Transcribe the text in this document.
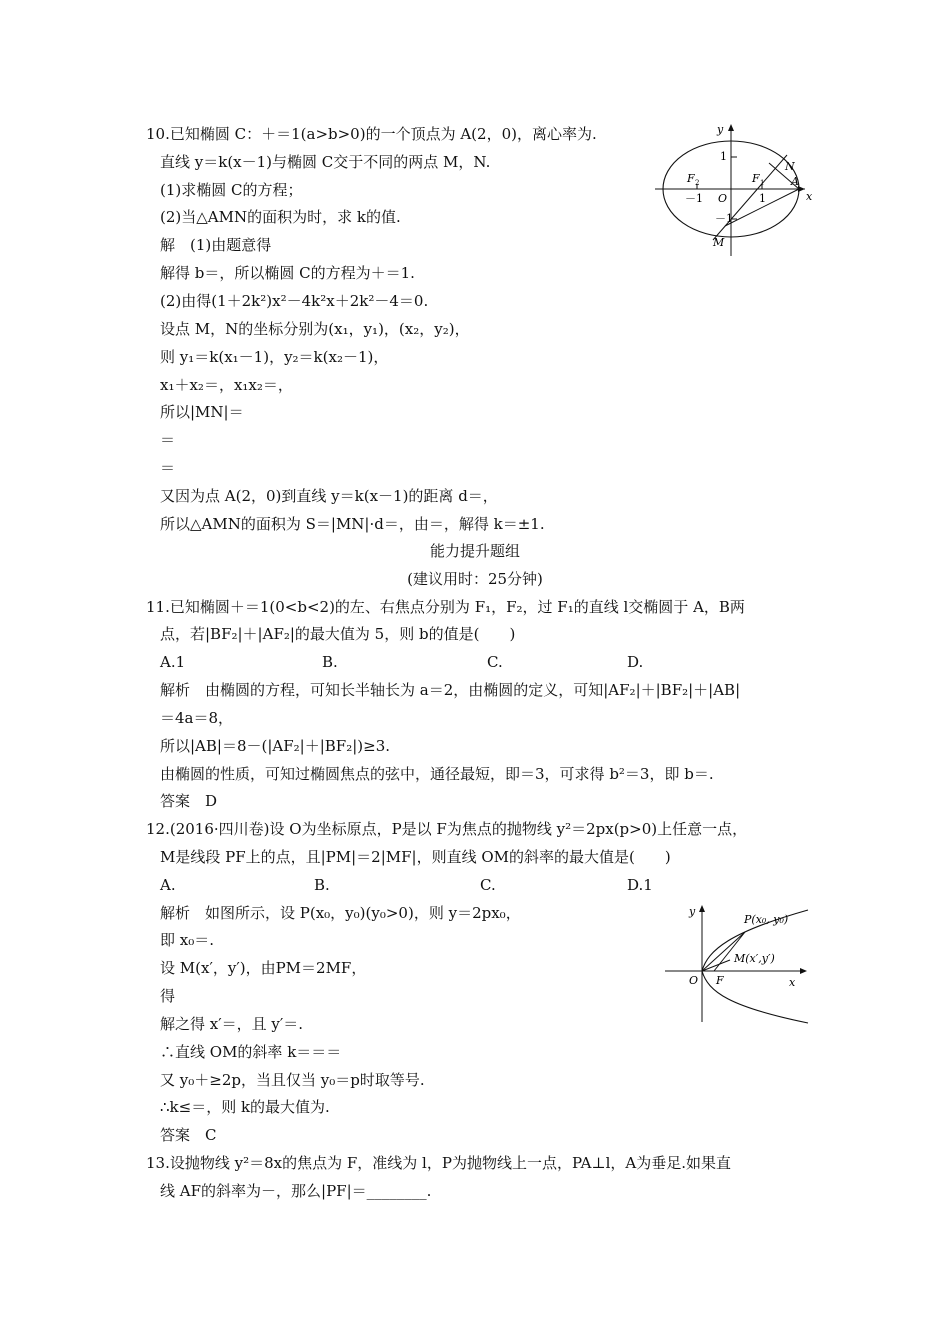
10.已知椭圆 C：＋＝1(a>b>0)的一个顶点为 A(2，0)，离心率为.
直线 y＝k(x－1)与椭圆 C交于不同的两点 M，N.
(1)求椭圆 C的方程；
(2)当△AMN的面积为时，求 k的值.
解　(1)由题意得
解得 b＝，所以椭圆 C的方程为＋＝1.
(2)由得(1＋2k²)x²－4k²x＋2k²－4＝0.
设点 M，N的坐标分别为(x₁，y₁)，(x₂，y₂)，
则 y₁＝k(x₁－1)，y₂＝k(x₂－1)，
x₁＋x₂＝，x₁x₂＝，
所以|MN|＝
＝
＝
又因为点 A(2，0)到直线 y＝k(x－1)的距离 d＝，
所以△AMN的面积为 S＝|MN|·d＝，由＝，解得 k＝±1.
y
x
1
－1
－1
1
O
F 2	F 1
N
A
M
能力提升题组
(建议用时：25分钟)
11.已知椭圆＋＝1(0<b<2)的左、右焦点分别为 F₁，F₂，过 F₁的直线 l交椭圆于 A，B两
点，若|BF₂|＋|AF₂|的最大值为 5，则 b的值是(　　)
A.1	B.	C.	D.
解析　由椭圆的方程，可知长半轴长为 a＝2，由椭圆的定义，可知|AF₂|＋|BF₂|＋|AB|
＝4a＝8，
所以|AB|＝8－(|AF₂|＋|BF₂|)≥3.
由椭圆的性质，可知过椭圆焦点的弦中，通径最短，即＝3，可求得 b²＝3，即 b＝.
答案　D
12.(2016·四川卷)设 O为坐标原点，P是以 F为焦点的抛物线 y²＝2px(p>0)上任意一点，
M是线段 PF上的点，且|PM|＝2|MF|，则直线 OM的斜率的最大值是(　　)
A.	B.	C.	D.1
解析　如图所示，设 P(x₀，y₀)(y₀>0)，则 y＝2px₀，
即 x₀＝.
设 M(x′，y′)，由PM＝2MF，
得
解之得 x′＝，且 y′＝.
∴直线 OM的斜率 k＝＝＝
又 y₀＋≥2p，当且仅当 y₀＝p时取等号.
∴k≤＝，则 k的最大值为.
答案　C
y
x
O F
P(x₀, y₀)
M(x′,y′)
13.设抛物线 y²＝8x的焦点为 F，准线为 l，P为抛物线上一点，PA⊥l，A为垂足.如果直
线 AF的斜率为－，那么|PF|＝________.
